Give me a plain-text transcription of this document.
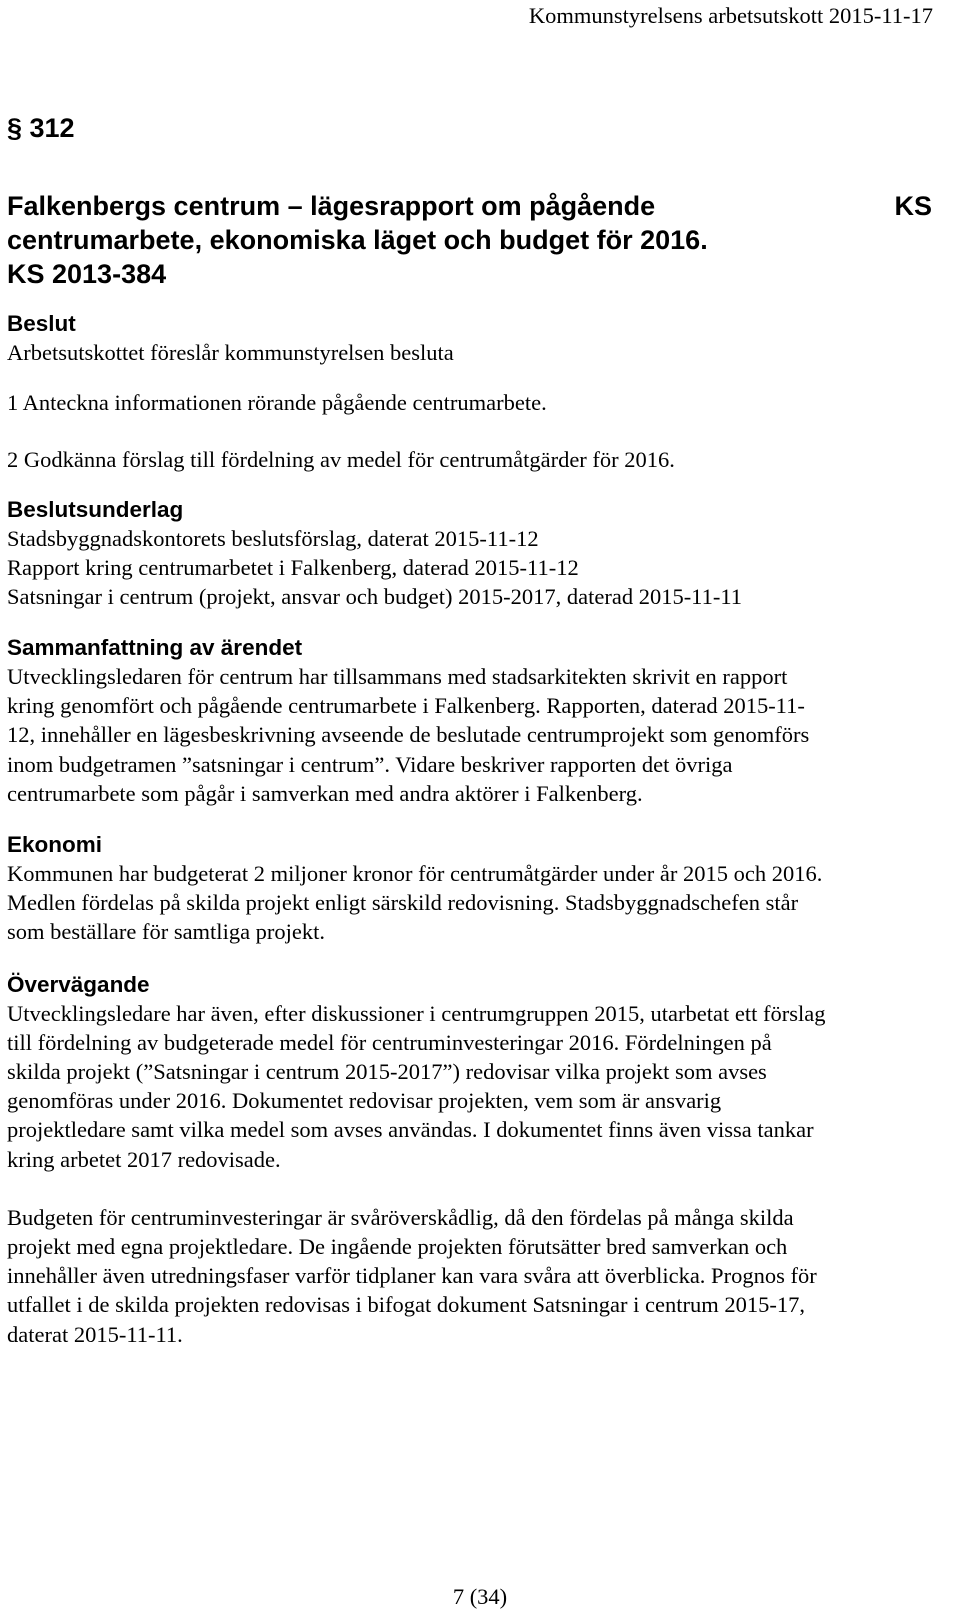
Kommunstyrelsens arbetsutskott 2015-11-17
§ 312
Falkenbergs centrum – lägesrapport om pågående
centrumarbete, ekonomiska läget och budget för 2016.
KS 2013-384
KS
Beslut
Arbetsutskottet föreslår kommunstyrelsen besluta
1 Anteckna informationen rörande pågående centrumarbete.
2 Godkänna förslag till fördelning av medel för centrumåtgärder för 2016.
Beslutsunderlag
Stadsbyggnadskontorets beslutsförslag, daterat 2015-11-12
Rapport kring centrumarbetet i Falkenberg, daterad 2015-11-12
Satsningar i centrum (projekt, ansvar och budget) 2015-2017, daterad 2015-11-11
Sammanfattning av ärendet
Utvecklingsledaren för centrum har tillsammans med stadsarkitekten skrivit en rapport
kring genomfört och pågående centrumarbete i Falkenberg. Rapporten, daterad 2015-11-
12, innehåller en lägesbeskrivning avseende de beslutade centrumprojekt som genomförs
inom budgetramen ”satsningar i centrum”. Vidare beskriver rapporten det övriga
centrumarbete som pågår i samverkan med andra aktörer i Falkenberg.
Ekonomi
Kommunen har budgeterat 2 miljoner kronor för centrumåtgärder under år 2015 och 2016.
Medlen fördelas på skilda projekt enligt särskild redovisning. Stadsbyggnadschefen står
som beställare för samtliga projekt.
Övervägande
Utvecklingsledare har även, efter diskussioner i centrumgruppen 2015, utarbetat ett förslag
till fördelning av budgeterade medel för centruminvesteringar 2016. Fördelningen på
skilda projekt (”Satsningar i centrum 2015-2017”) redovisar vilka projekt som avses
genomföras under 2016. Dokumentet redovisar projekten, vem som är ansvarig
projektledare samt vilka medel som avses användas. I dokumentet finns även vissa tankar
kring arbetet 2017 redovisade.
Budgeten för centruminvesteringar är svåröverskådlig, då den fördelas på många skilda
projekt med egna projektledare. De ingående projekten förutsätter bred samverkan och
innehåller även utredningsfaser varför tidplaner kan vara svåra att överblicka. Prognos för
utfallet i de skilda projekten redovisas i bifogat dokument Satsningar i centrum 2015-17,
daterat 2015-11-11.
7 (34)
